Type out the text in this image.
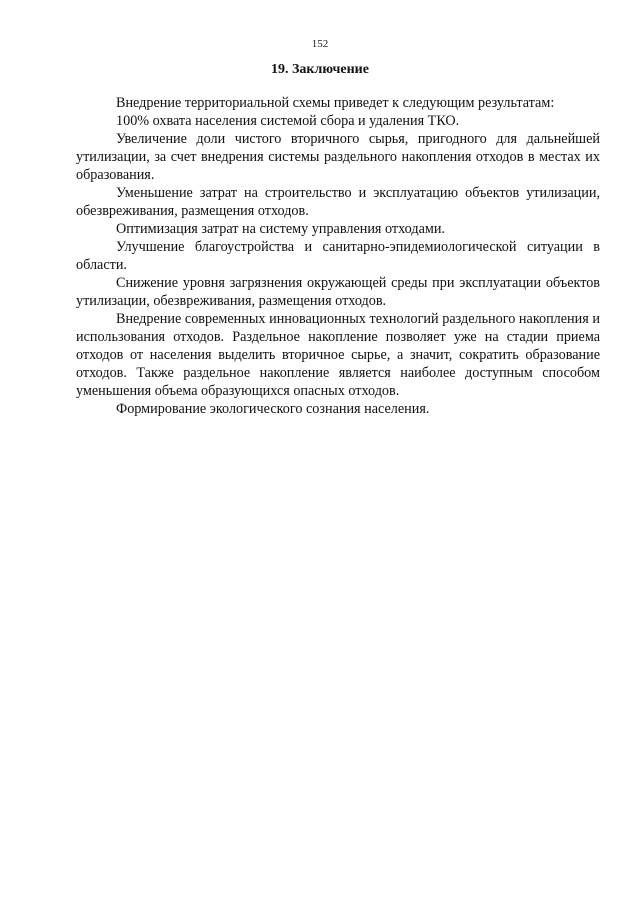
152
19. Заключение

Внедрение территориальной схемы приведет к следующим результатам:

100% охвата населения системой сбора и удаления ТКО.

Увеличение доли чистого вторичного сырья, пригодного для дальнейшей утилизации, за счет внедрения системы раздельного накопления отходов в местах их образования.

Уменьшение затрат на строительство и эксплуатацию объектов утилизации, обезвреживания, размещения отходов.

Оптимизация затрат на систему управления отходами.

Улучшение благоустройства и санитарно-эпидемиологической ситуации в области.

Снижение уровня загрязнения окружающей среды при эксплуатации объектов утилизации, обезвреживания, размещения отходов.

Внедрение современных инновационных технологий раздельного накопления и использования отходов. Раздельное накопление позволяет уже на стадии приема отходов от населения выделить вторичное сырье, а значит, сократить образование отходов. Также раздельное накопление является наиболее доступным способом уменьшения объема образующихся опасных отходов.

Формирование экологического сознания населения.
